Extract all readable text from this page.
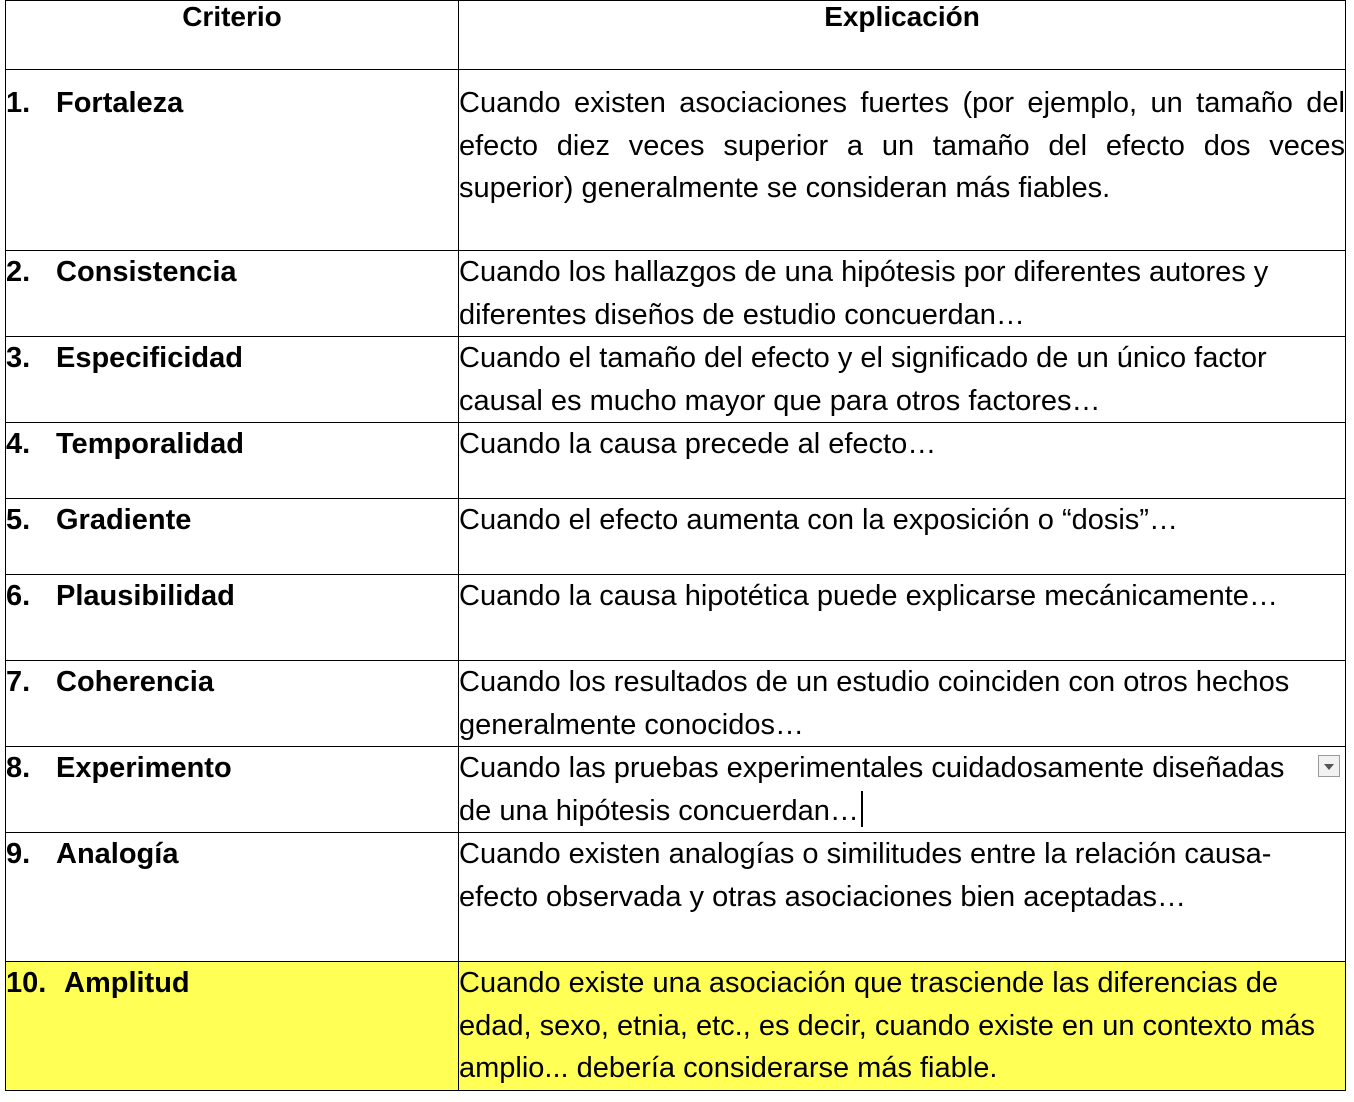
Criterio	Explicación
1. Fortaleza	Cuando existen asociaciones fuertes (por ejemplo, un tamaño del efecto diez veces superior a un tamaño del efecto dos veces superior) generalmente se consideran más fiables.
2. Consistencia	Cuando los hallazgos de una hipótesis por diferentes autores y diferentes diseños de estudio concuerdan…
3. Especificidad	Cuando el tamaño del efecto y el significado de un único factor causal es mucho mayor que para otros factores…
4. Temporalidad	Cuando la causa precede al efecto…
5. Gradiente	Cuando el efecto aumenta con la exposición o “dosis”…
6. Plausibilidad	Cuando la causa hipotética puede explicarse mecánicamente…
7. Coherencia	Cuando los resultados de un estudio coinciden con otros hechos generalmente conocidos…
8. Experimento	Cuando las pruebas experimentales cuidadosamente diseñadas de una hipótesis concuerdan…

9. Analogía	Cuando existen analogías o similitudes entre la relación causa-efecto observada y otras asociaciones bien aceptadas…
10. Amplitud	Cuando existe una asociación que trasciende las diferencias de edad, sexo, etnia, etc., es decir, cuando existe en un contexto más amplio... debería considerarse más fiable.
